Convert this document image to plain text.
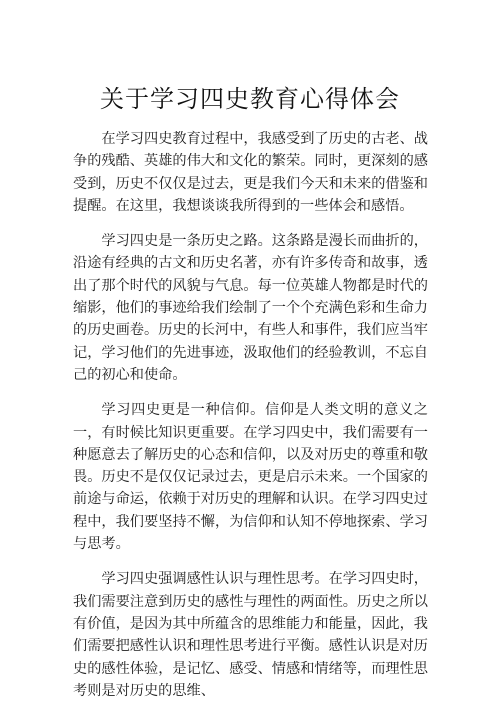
关于学习四史教育心得体会

在学习四史教育过程中，我感受到了历史的古老、战争的残酷、英雄的伟大和文化的繁荣。同时，更深刻的感受到，历史不仅仅是过去，更是我们今天和未来的借鉴和提醒。在这里，我想谈谈我所得到的一些体会和感悟。

学习四史是一条历史之路。这条路是漫长而曲折的，沿途有经典的古文和历史名著，亦有许多传奇和故事，透出了那个时代的风貌与气息。每一位英雄人物都是时代的缩影，他们的事迹给我们绘制了一个个充满色彩和生命力的历史画卷。历史的长河中，有些人和事件，我们应当牢记，学习他们的先进事迹，汲取他们的经验教训，不忘自己的初心和使命。

学习四史更是一种信仰。信仰是人类文明的意义之一，有时候比知识更重要。在学习四史中，我们需要有一种愿意去了解历史的心态和信仰，以及对历史的尊重和敬畏。历史不是仅仅记录过去，更是启示未来。一个国家的前途与命运，依赖于对历史的理解和认识。在学习四史过程中，我们要坚持不懈，为信仰和认知不停地探索、学习与思考。

学习四史强调感性认识与理性思考。在学习四史时，我们需要注意到历史的感性与理性的两面性。历史之所以有价值，是因为其中所蕴含的思维能力和能量，因此，我们需要把感性认识和理性思考进行平衡。感性认识是对历史的感性体验，是记忆、感受、情感和情绪等，而理性思考则是对历史的思维、
